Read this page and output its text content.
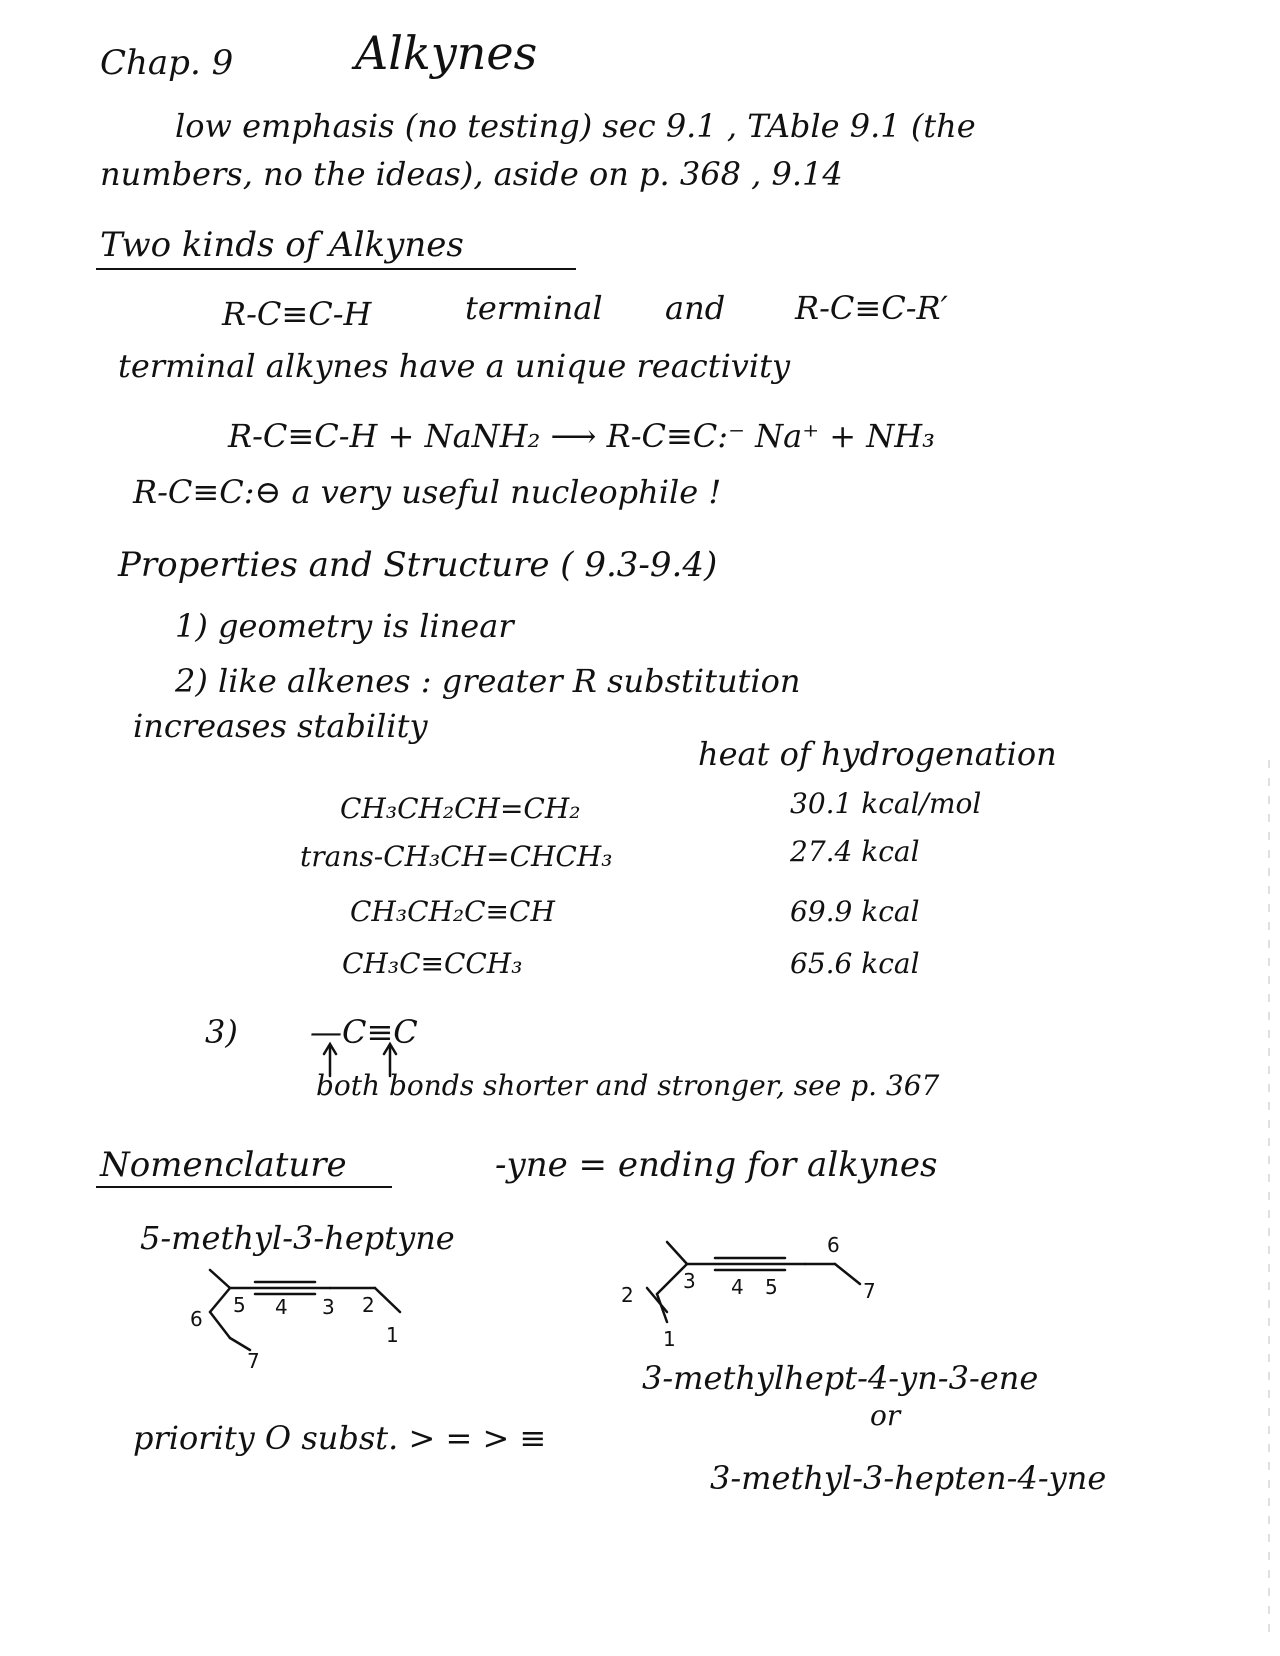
Chap. 9	Alkynes
low emphasis (no testing) sec 9.1 , TAble 9.1 (the
numbers, no the ideas), aside on p. 368 , 9.14
Two kinds of Alkynes
R-C≡C-H	terminal and R-C≡C-R′
terminal alkynes have a unique reactivity
R-C≡C-H + NaNH₂ ⟶ R-C≡C:⁻ Na⁺ + NH₃
R-C≡C:⊖ a very useful nucleophile !
Properties and Structure ( 9.3-9.4)
1) geometry is linear
2) like alkenes : greater R substitution
increases stability
heat of hydrogenation
CH₃CH₂CH=CH₂	30.1 kcal/mol
trans-CH₃CH=CHCH₃	27.4 kcal
CH₃CH₂C≡CH	69.9 kcal
CH₃C≡CCH₃	65.6 kcal
3) —C≡C
both bonds shorter and stronger, see p. 367
Nomenclature	-yne = ending for alkynes
5-methyl-3-heptyne
5 4 3 2
1
6
7
2
1
3 4 5
6
7
3-methylhept-4-yn-3-ene
or
priority O subst. > = > ≡
3-methyl-3-hepten-4-yne
